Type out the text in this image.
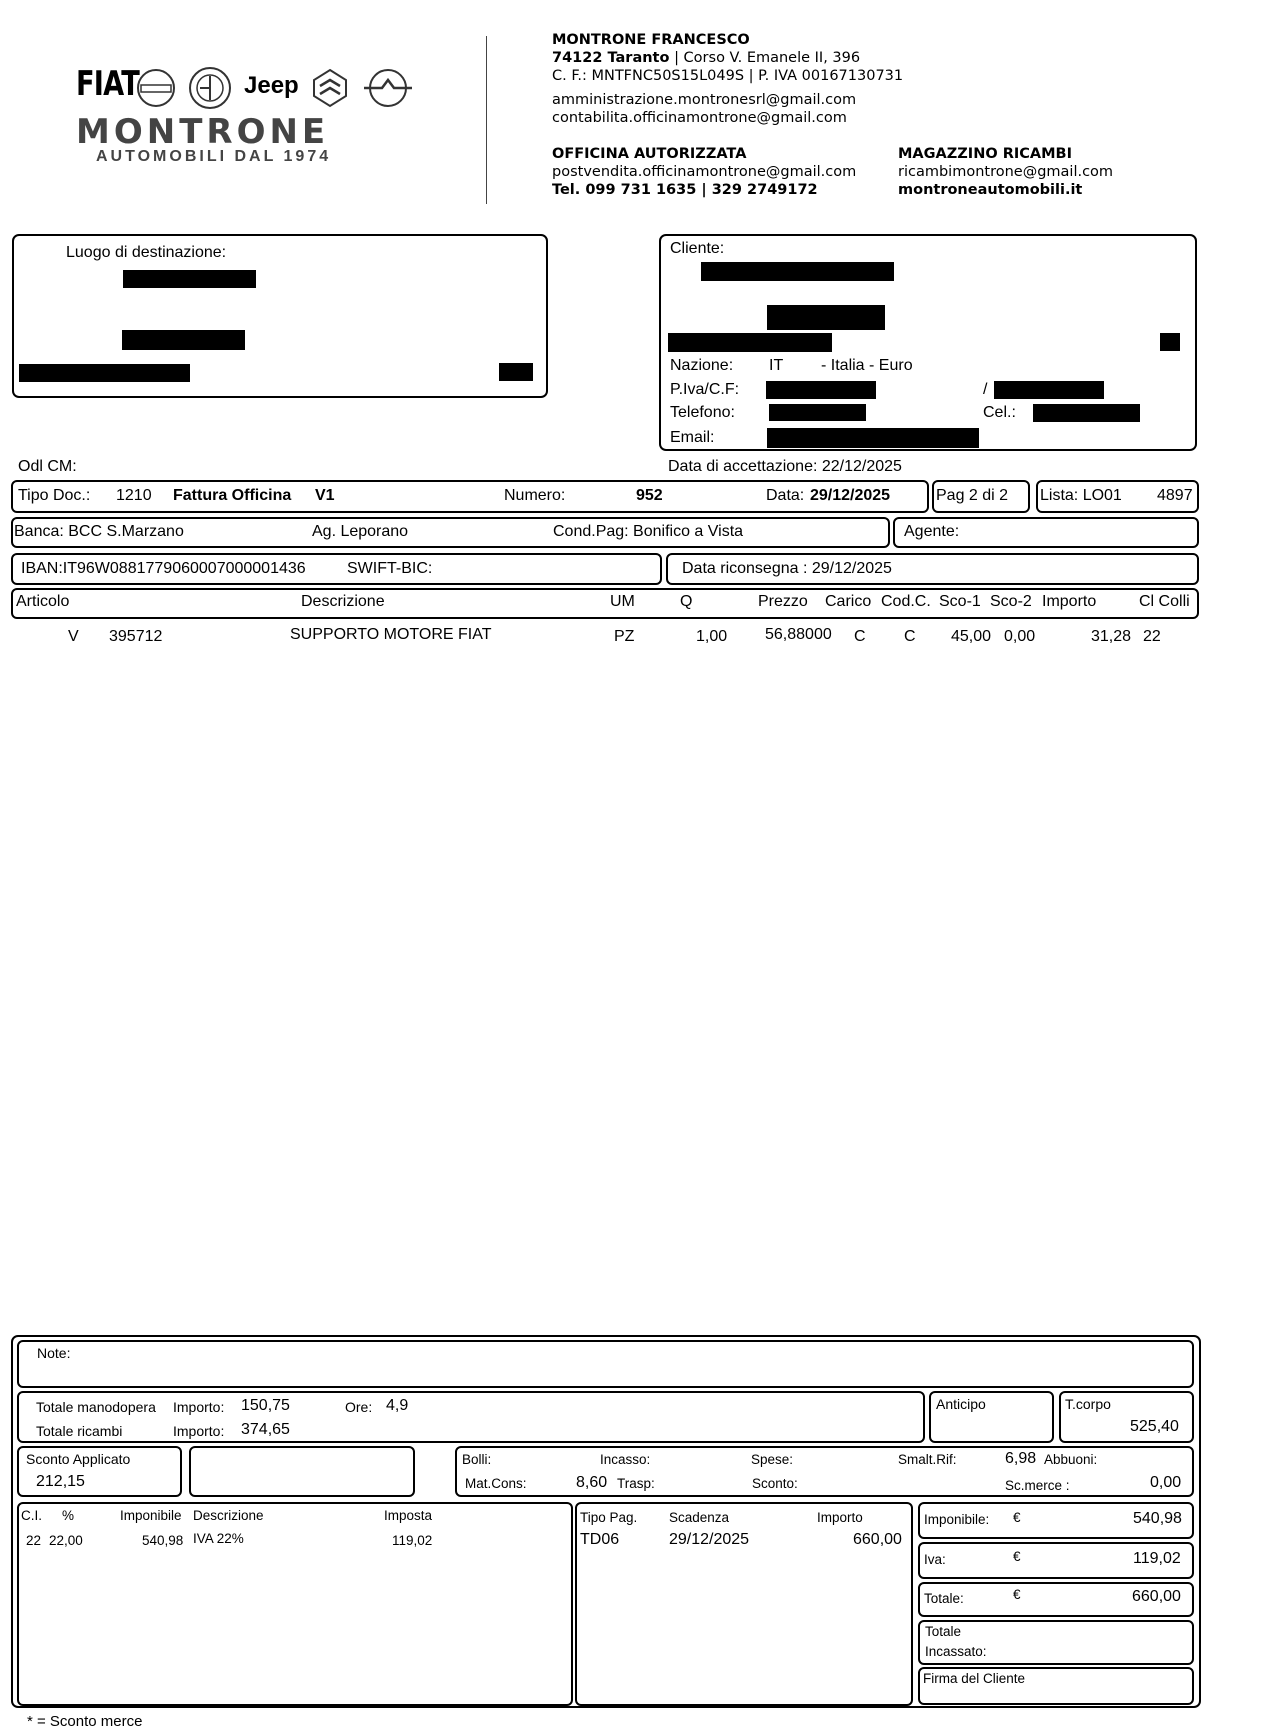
FIAT	Jeep
MONTRONE
AUTOMOBILI DAL 1974
MONTRONE FRANCESCO
74122 Taranto | Corso V. Emanele II, 396
C. F.: MNTFNC50S15L049S | P. IVA 00167130731
amministrazione.montronesrl@gmail.com
contabilita.officinamontrone@gmail.com
OFFICINA AUTORIZZATA
postvendita.officinamontrone@gmail.com
Tel. 099 731 1635 | 329 2749172
MAGAZZINO RICAMBI
ricambimontrone@gmail.com
montroneautomobili.it
Luogo di destinazione:	Cliente:
Nazione: IT - Italia - Euro
P.Iva/C.F:	/
Telefono:	Cel.:
Email:
Odl CM:	Data di accettazione: 22/12/2025
Tipo Doc.: 1210 Fattura Officina V1	Numero:	952	Data: 29/12/2025	Pag 2 di 2 Lista: LO01 4897
Banca: BCC S.Marzano	Ag. Leporano	Cond.Pag: Bonifico a Vista	Agente:
IBAN:IT96W0881779060007000001436	SWIFT-BIC:	Data riconsegna : 29/12/2025
Articolo	Descrizione	UM	Q	Prezzo Carico Cod.C. Sco-1 Sco-2 Importo	Cl Colli
V 395712	SUPPORTO MOTORE FIAT	PZ	1,00 56,88000 C C 45,00 0,00	31,28 22
Note:
Totale manodopera Importo: 150,75	Ore: 4,9
Totale ricambi	Importo: 374,65
Anticipo	T.corpo
525,40
Sconto Applicato
212,15
Bolli:	Incasso:	Spese:	Smalt.Rif:	6,98 Abbuoni:
Mat.Cons:	8,60 Trasp:	Sconto:	Sc.merce :	0,00
C.I. %	Imponibile Descrizione	Imposta
22 22,00	540,98 IVA 22%	119,02
Tipo Pag. Scadenza	Importo
TD06	29/12/2025	660,00
Imponibile: €	540,98
Iva:	€	119,02
Totale:	€	660,00
Totale
Incassato:
Firma del Cliente
* = Sconto merce
